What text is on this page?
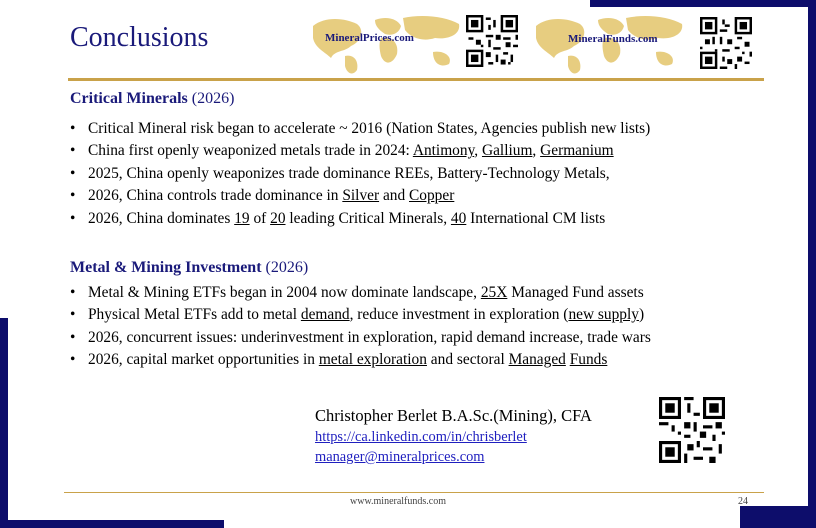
Conclusions	MineralPrices.com	MineralFunds.com
Critical Minerals (2026)
• Critical Mineral risk began to accelerate ~ 2016 (Nation States, Agencies publish new lists)
• China first openly weaponized metals trade in 2024: Antimony, Gallium, Germanium
• 2025, China openly weaponizes trade dominance REEs, Battery-Technology Metals,
• 2026, China controls trade dominance in Silver and Copper
• 2026, China dominates 19 of 20 leading Critical Minerals, 40 International CM lists
Metal & Mining Investment (2026)
• Metal & Mining ETFs began in 2004 now dominate landscape, 25X Managed Fund assets
• Physical Metal ETFs add to metal demand, reduce investment in exploration (new supply)
• 2026, concurrent issues: underinvestment in exploration, rapid demand increase, trade wars
• 2026, capital market opportunities in metal exploration and sectoral Managed Funds
Christopher Berlet B.A.Sc.(Mining), CFA
https://ca.linkedin.com/in/chrisberlet
manager@mineralprices.com
www.mineralfunds.com	24
